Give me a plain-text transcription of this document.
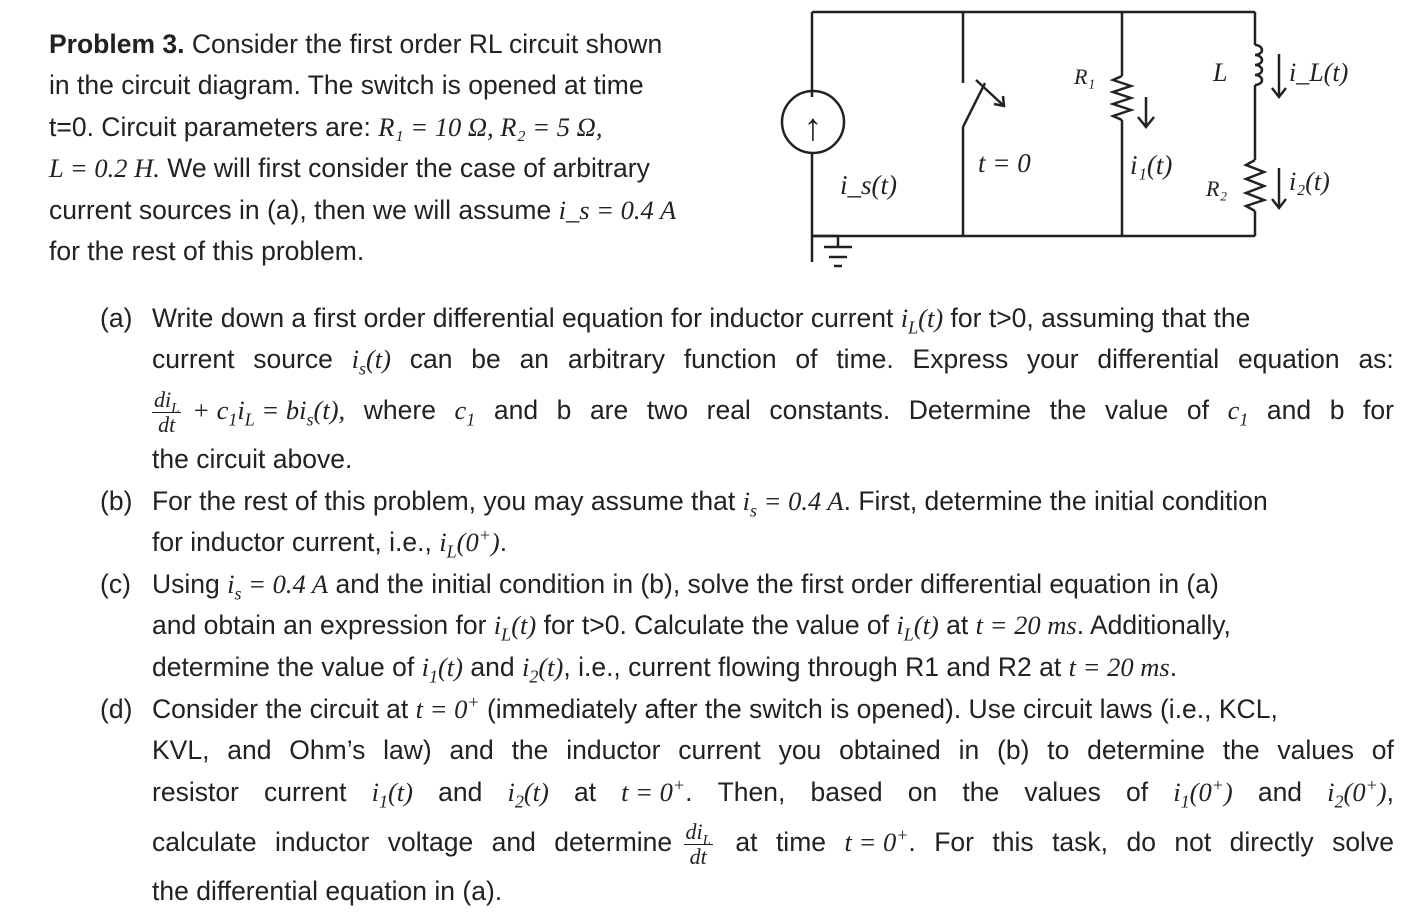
Problem 3. Consider the first order RL circuit shown
in the circuit diagram. The switch is opened at time
t=0. Circuit parameters are: R₁ = 10 Ω, R₂ = 5 Ω,
L = 0.2 H. We will first consider the case of arbitrary
current sources in (a), then we will assume i_s = 0.4 A
for the rest of this problem.
↑
i_s(t)
t = 0
R₁
i₁(t)
L i_L(t)
R₂ i₂(t)
(a)
(b)
(c)
(d)
Write down a first order differential equation for inductor current $i_L(t)$ for t>0, assuming that the
current source $i_s(t)$ can be an arbitrary function of time. Express your differential equation as:
$\frac{di_L}{dt} + c_1i_L = bi_s(t)$, where $c_1$ and b are two real constants. Determine the value of $c_1$ and b for
the circuit above.
For the rest of this problem, you may assume that $i_s = 0.4$ A. First, determine the initial condition
for inductor current, i.e., $i_L(0^+)$.
Using $i_s = 0.4$ A and the initial condition in (b), solve the first order differential equation in (a)
and obtain an expression for $i_L(t)$ for t>0. Calculate the value of $i_L(t)$ at t = 20 ms. Additionally,
determine the value of $i_1(t)$ and $i_2(t)$, i.e., current flowing through R1 and R2 at t = 20 ms.
Consider the circuit at t = 0+ (immediately after the switch is opened). Use circuit laws (i.e., KCL,
KVL, and Ohm’s law) and the inductor current you obtained in (b) to determine the values of
resistor current $i_1(t)$ and $i_2(t)$ at t = 0+. Then, based on the values of $i_1(0^+)$ and $i_2(0^+)$,
calculate inductor voltage and determine $\frac{di_L}{dt}$ at time t = 0+. For this task, do not directly solve
the differential equation in (a).
